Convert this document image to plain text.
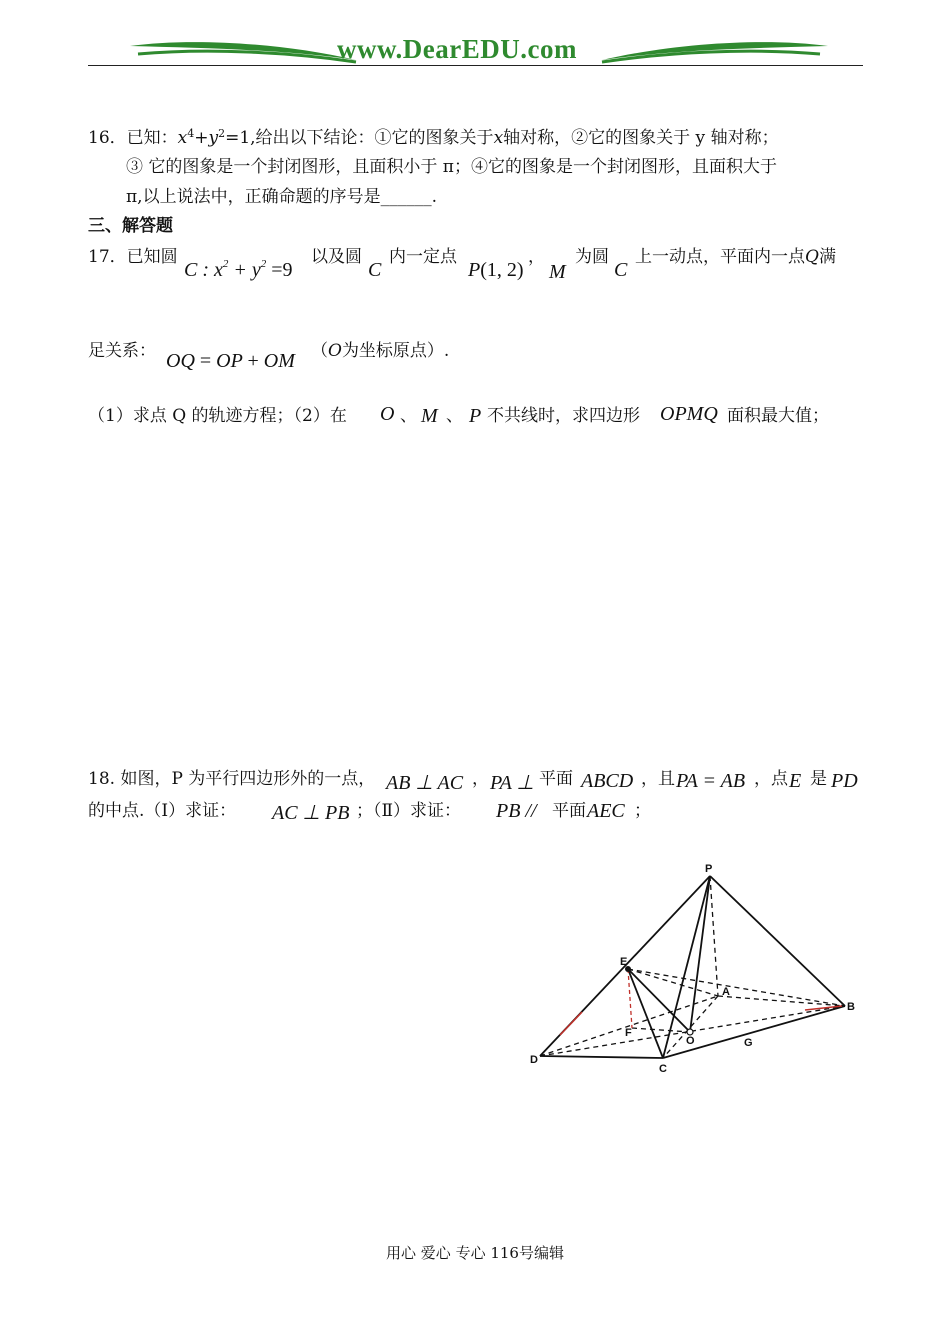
www.DearEDU.com
16．已知：$x^4+y^2=1$,给出以下结论：①它的图象关于x轴对称，②它的图象关于 y 轴对称；
③ 它的图象是一个封闭图形，且面积小于 π；④它的图象是一个封闭图形，且面积大于
π,以上说法中，正确命题的序号是______.
三、解答题
17．已知圆
C : $x^2 + y^2 =9$
以及圆
C
内一定点
P(1, 2)
，
M
为圆
C
上一动点，平面内一点Q满
足关系： OQ = OP + OM （O为坐标原点）.
（1）求点 Q 的轨迹方程；（2）在 O 、 M 、 P 不共线时，求四边形 OPMQ 面积最大值；
18. 如图，P 为平行四边形外的一点， AB ⊥ AC ， PA ⊥ 平面 ABCD ，且 PA = AB ，点 E 是 PD
的中点.（Ⅰ）求证： AC ⊥ PB ；（Ⅱ）求证： PB // 平面 AEC ；
P
E
A
B
D
C
O
F
G
用心 爱心 专心 116号编辑
